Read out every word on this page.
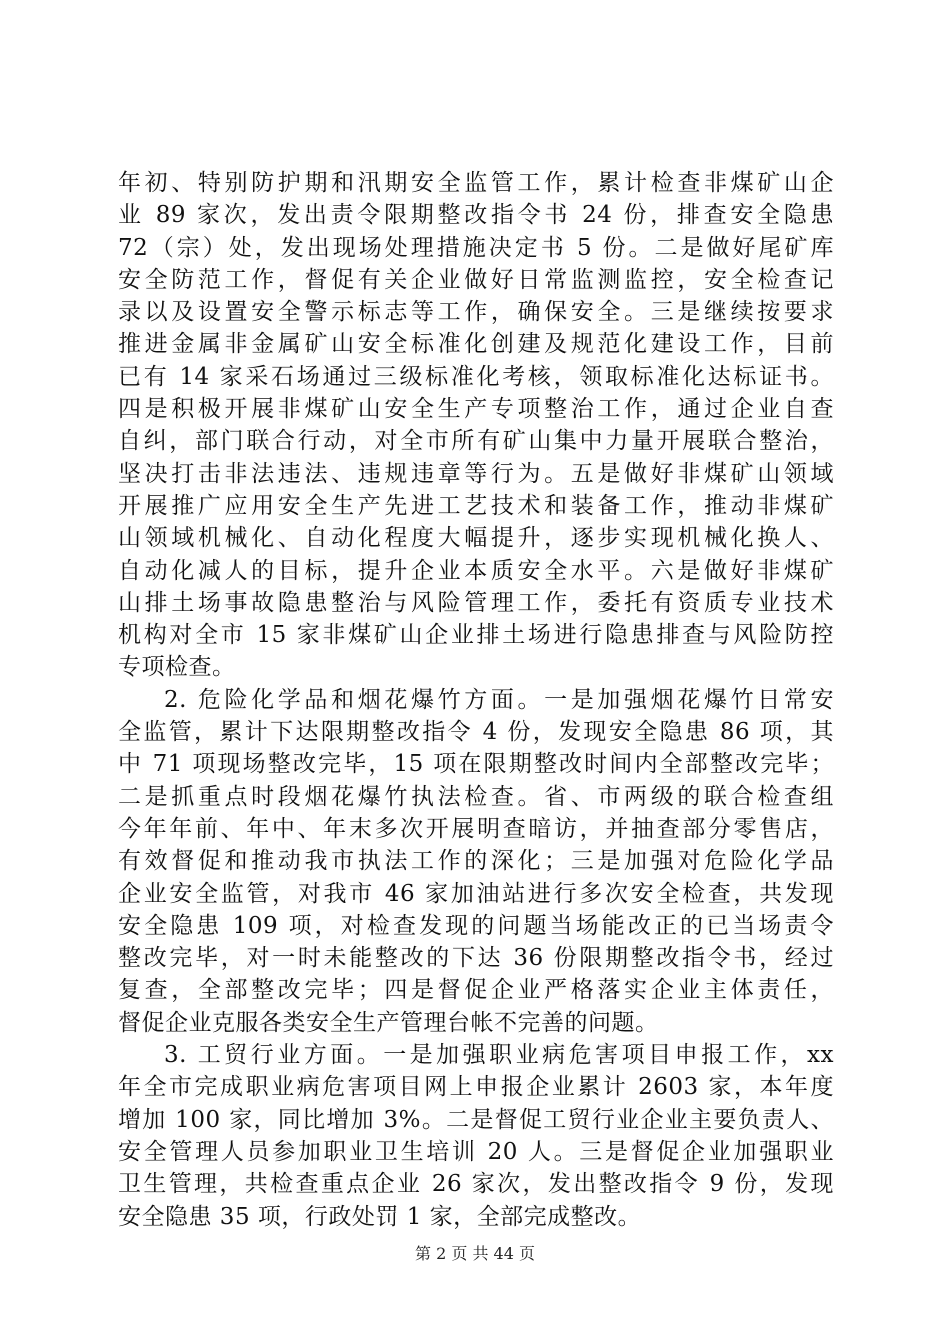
年初、特别防护期和汛期安全监管工作，累计检查非煤矿山企
业 89 家次，发出责令限期整改指令书 24 份，排查安全隐患
72（宗）处，发出现场处理措施决定书 5 份。二是做好尾矿库
安全防范工作，督促有关企业做好日常监测监控，安全检查记
录以及设置安全警示标志等工作，确保安全。三是继续按要求
推进金属非金属矿山安全标准化创建及规范化建设工作，目前
已有 14 家采石场通过三级标准化考核，领取标准化达标证书。
四是积极开展非煤矿山安全生产专项整治工作，通过企业自查
自纠，部门联合行动，对全市所有矿山集中力量开展联合整治，
坚决打击非法违法、违规违章等行为。五是做好非煤矿山领域
开展推广应用安全生产先进工艺技术和装备工作，推动非煤矿
山领域机械化、自动化程度大幅提升，逐步实现机械化换人、
自动化减人的目标，提升企业本质安全水平。六是做好非煤矿
山排土场事故隐患整治与风险管理工作，委托有资质专业技术
机构对全市 15 家非煤矿山企业排土场进行隐患排查与风险防控
专项检查。
2. 危险化学品和烟花爆竹方面。一是加强烟花爆竹日常安
全监管，累计下达限期整改指令 4 份，发现安全隐患 86 项，其
中 71 项现场整改完毕，15 项在限期整改时间内全部整改完毕；
二是抓重点时段烟花爆竹执法检查。省、市两级的联合检查组
今年年前、年中、年末多次开展明查暗访，并抽查部分零售店，
有效督促和推动我市执法工作的深化；三是加强对危险化学品
企业安全监管，对我市 46 家加油站进行多次安全检查，共发现
安全隐患 109 项，对检查发现的问题当场能改正的已当场责令
整改完毕，对一时未能整改的下达 36 份限期整改指令书，经过
复查，全部整改完毕；四是督促企业严格落实企业主体责任，
督促企业克服各类安全生产管理台帐不完善的问题。
3. 工贸行业方面。一是加强职业病危害项目申报工作，xx
年全市完成职业病危害项目网上申报企业累计 2603 家，本年度
增加 100 家，同比增加 3%。二是督促工贸行业企业主要负责人、
安全管理人员参加职业卫生培训 20 人。三是督促企业加强职业
卫生管理，共检查重点企业 26 家次，发出整改指令 9 份，发现
安全隐患 35 项，行政处罚 1 家，全部完成整改。
第 2 页 共 44 页
